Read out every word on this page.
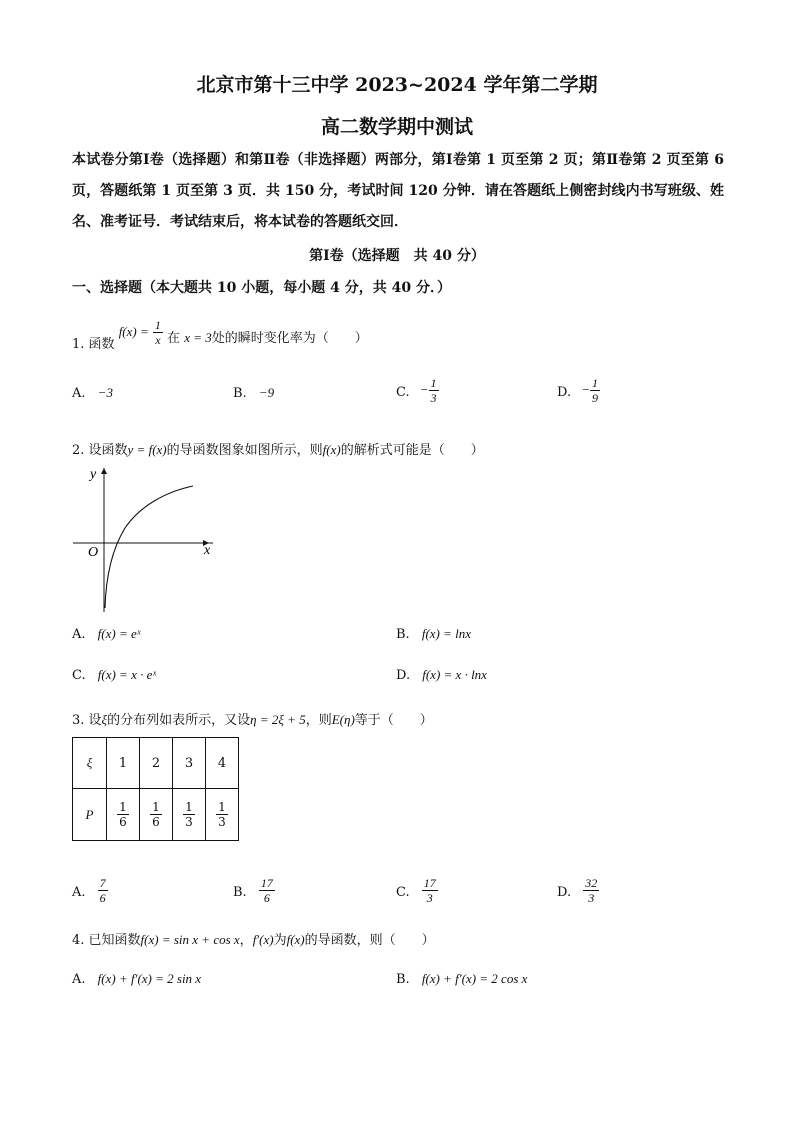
北京市第十三中学 2023~2024 学年第二学期
高二数学期中测试
本试卷分第Ⅰ卷（选择题）和第Ⅱ卷（非选择题）两部分，第Ⅰ卷第 1 页至第 2 页；第Ⅱ卷第 2 页至第 6 页，答题纸第 1 页至第 3 页．共 150 分，考试时间 120 分钟．请在答题纸上侧密封线内书写班级、姓名、准考证号．考试结束后，将本试卷的答题纸交回．
第Ⅰ卷（选择题　共 40 分）
一、选择题（本大题共 10 小题，每小题 4 分，共 40 分．）
1. 函数 $f(x) = \frac{1}{x}$ 在 x = 3处的瞬时变化率为（　　）
A. −3	B. −9	C. − $\frac{1}{3}$	D. − $\frac{1}{9}$
2. 设函数y = f(x)的导函数图象如图所示，则f(x)的解析式可能是（　　）
y
x
O
A. f(x) = eˣ	B. f(x) = lnx
C. f(x) = x · eˣ	D. f(x) = x · lnx
3. 设ξ的分布列如表所示，又设η = 2ξ + 5，则E(η)等于（　　）
ξ	1	2	3	4
P	$\frac{1}{6}$	$\frac{1}{6}$	$\frac{1}{3}$	$\frac{1}{3}$
A. $\frac{7}{6}$	B. $\frac{17}{6}$	C. $\frac{17}{3}$	D. $\frac{32}{3}$
4. 已知函数f(x) = sin x + cos x，f′(x)为f(x)的导函数，则（　　）
A. f(x) + f′(x) = 2 sin x	B. f(x) + f′(x) = 2 cos x
